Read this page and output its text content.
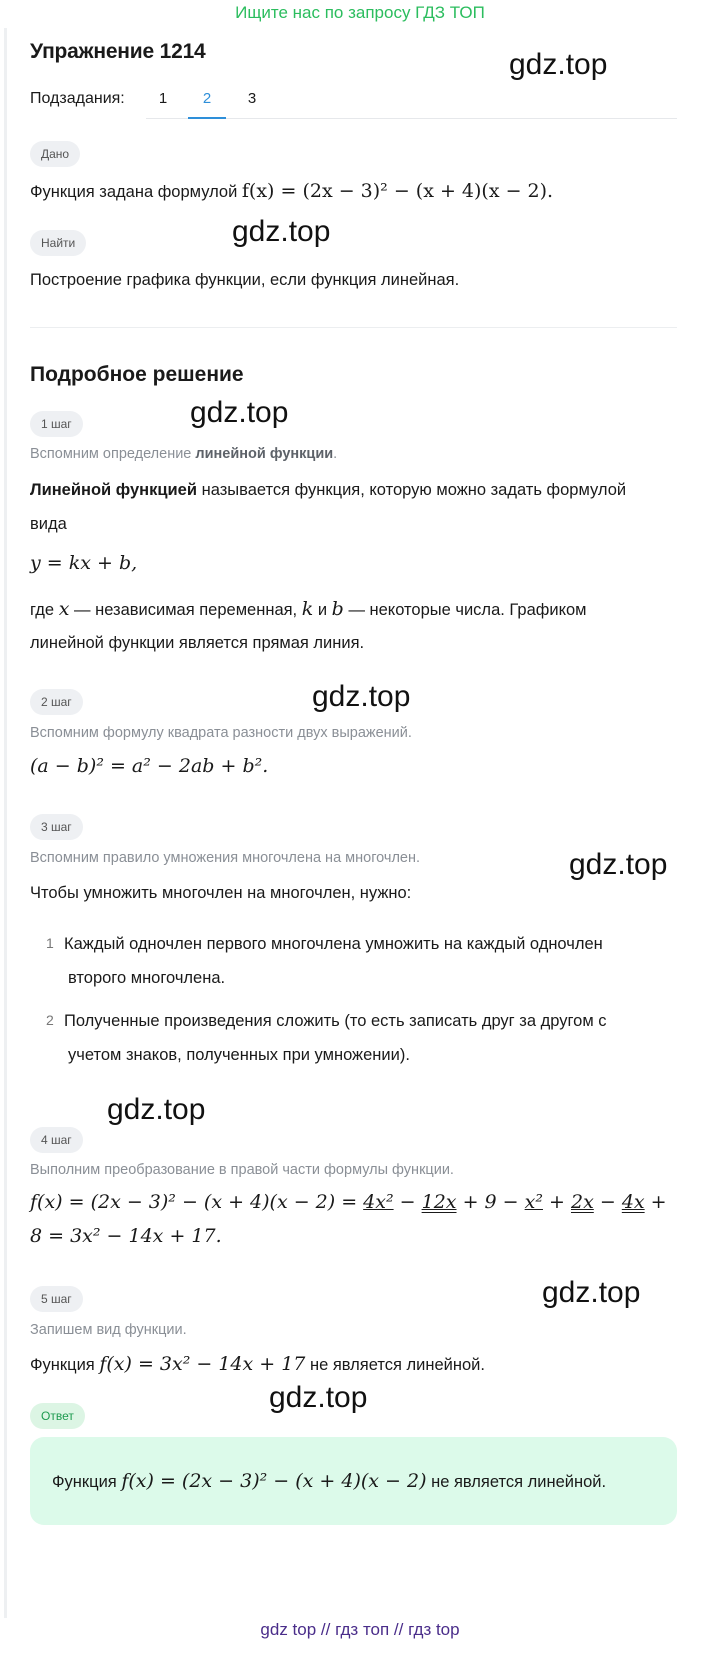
Ищите нас по запросу ГДЗ ТОП
Упражнение 1214	gdz.top
Подзадания:	1	2	3
Дано
Функция задана формулой f(x) = (2x − 3)² − (x + 4)(x − 2).
Найти	gdz.top
Построение графика функции, если функция линейная.
Подробное решение
1 шаг	gdz.top
Вспомним определение линейной функции.
Линейной функцией называется функция, которую можно задать формулой
вида
y = kx + b,
где x — независимая переменная, k и b — некоторые числа. Графиком
линейной функции является прямая линия.
2 шаг	gdz.top
Вспомним формулу квадрата разности двух выражений.
(a − b)² = a² − 2ab + b².
3 шаг
Вспомним правило умножения многочлена на многочлен.	gdz.top
Чтобы умножить многочлен на многочлен, нужно:
1 Каждый одночлен первого многочлена умножить на каждый одночлен
второго многочлена.
2 Полученные произведения сложить (то есть записать друг за другом с
учетом знаков, полученных при умножении).
gdz.top
4 шаг
Выполним преобразование в правой части формулы функции.
f(x) = (2x − 3)² − (x + 4)(x − 2) = 4x² − 12x + 9 − x² + 2x − 4x +
8 = 3x² − 14x + 17.
5 шаг	gdz.top
Запишем вид функции.
Функция f(x) = 3x² − 14x + 17 не является линейной.
gdz.top
Ответ
Функция f(x) = (2x − 3)² − (x + 4)(x − 2) не является линейной.
gdz top // гдз топ // гдз top
